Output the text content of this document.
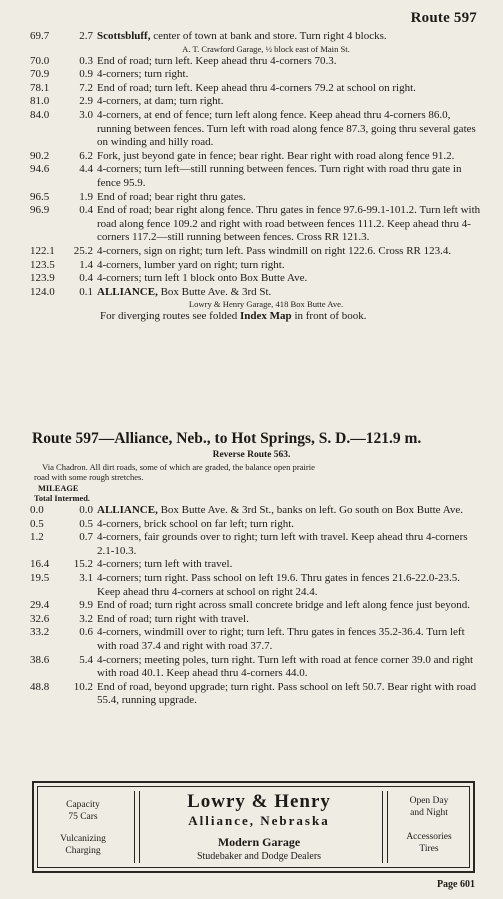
Route 597
69.7	2.7 Scottsbluff, center of town at bank and store. Turn right 4 blocks.
A. T. Crawford Garage, ½ block east of Main St.
70.0	0.3 End of road; turn left. Keep ahead thru 4-corners 70.3.
70.9	0.9 4-corners; turn right.
78.1	7.2 End of road; turn left. Keep ahead thru 4-corners 79.2 at school on right.
81.0	2.9 4-corners, at dam; turn right.
84.0	3.0 4-corners, at end of fence; turn left along fence. Keep ahead thru 4-corners 86.0, running between fences. Turn left with road along fence 87.3, going thru several gates on winding and hilly road.
90.2	6.2 Fork, just beyond gate in fence; bear right. Bear right with road along fence 91.2.
94.6	4.4 4-corners; turn left—still running between fences. Turn right with road thru gate in fence 95.9.
96.5	1.9 End of road; bear right thru gates.
96.9	0.4 End of road; bear right along fence. Thru gates in fence 97.6-99.1-101.2. Turn left with road along fence 109.2 and right with road between fences 111.2. Keep ahead thru 4-corners 117.2—still running between fences. Cross RR 121.3.
122.1	25.2 4-corners, sign on right; turn left. Pass windmill on right 122.6. Cross RR 123.4.
123.5	1.4 4-corners, lumber yard on right; turn right.
123.9	0.4 4-corners; turn left 1 block onto Box Butte Ave.
124.0	0.1 ALLIANCE, Box Butte Ave. & 3rd St.
Lowry & Henry Garage, 418 Box Butte Ave.
For diverging routes see folded Index Map in front of book.
Route 597—Alliance, Neb., to Hot Springs, S. D.—121.9 m.
Reverse Route 563.

Via Chadron. All dirt roads, some of which are graded, the balance open prairie

road with some rough stretches.

MILEAGE
Total Intermed.
0.0	0.0 ALLIANCE, Box Butte Ave. & 3rd St., banks on left. Go south on Box Butte Ave.
0.5	0.5 4-corners, brick school on far left; turn right.
1.2	0.7 4-corners, fair grounds over to right; turn left with travel. Keep ahead thru 4-corners 2.1-10.3.
16.4	15.2 4-corners; turn left with travel.
19.5	3.1 4-corners; turn right. Pass school on left 19.6. Thru gates in fences 21.6-22.0-23.5. Keep ahead thru 4-corners at school on right 24.4.
29.4	9.9 End of road; turn right across small concrete bridge and left along fence just beyond.
32.6	3.2 End of road; turn right with travel.
33.2	0.6 4-corners, windmill over to right; turn left. Thru gates in fences 35.2-36.4. Turn left with road 37.4 and right with road 37.7.
38.6	5.4 4-corners; meeting poles, turn right. Turn left with road at fence corner 39.0 and right with road 40.1. Keep ahead thru 4-corners 44.0.
48.8	10.2 End of road, beyond upgrade; turn right. Pass school on left 50.7. Bear right with road 55.4, running upgrade.
Capacity
75 Cars
Vulcanizing
Charging
Lowry & Henry
Alliance, Nebraska
Modern Garage
Studebaker and Dodge Dealers
Open Day
and Night
Accessories
Tires
Page 601
